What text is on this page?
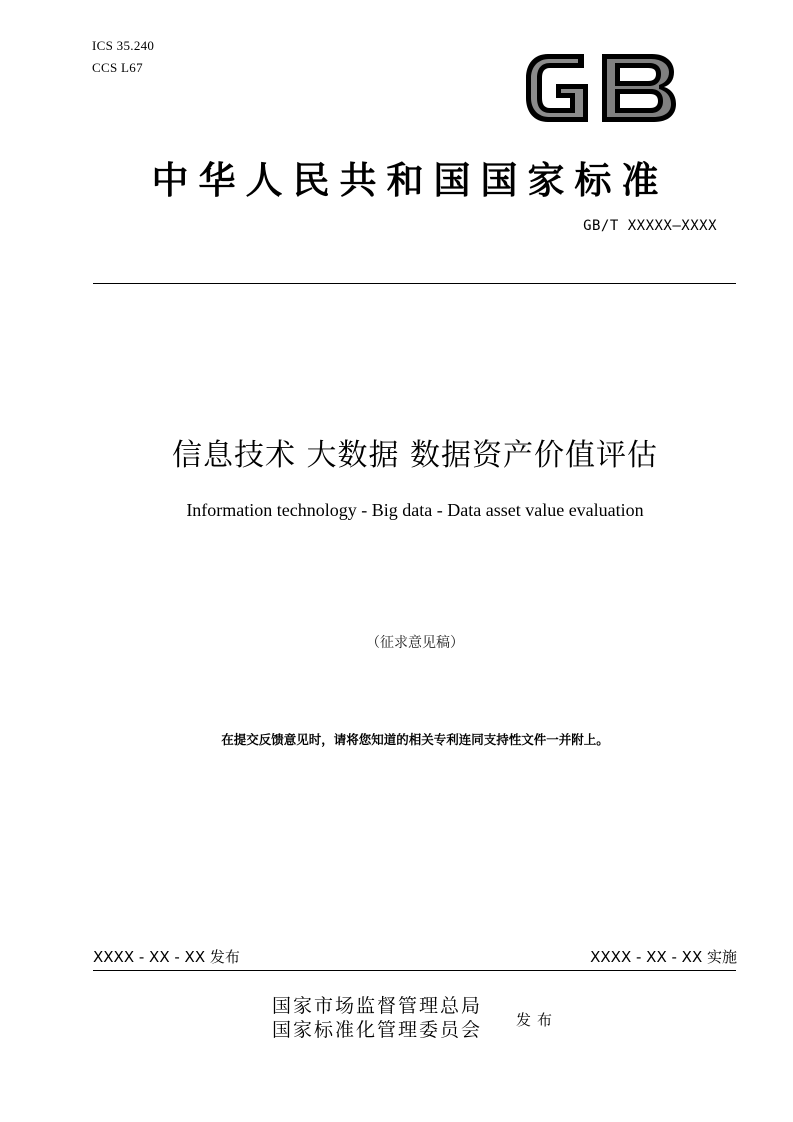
ICS 35.240
CCS L67
中华人民共和国国家标准
GB/T XXXXX—XXXX
信息技术 大数据 数据资产价值评估
Information technology - Big data - Data asset value evaluation
（征求意见稿）
在提交反馈意见时，请将您知道的相关专利连同支持性文件一并附上。
XXXX - XX - XX 发布	XXXX - XX - XX 实施
国家市场监督管理总局
国家标准化管理委员会 发布
